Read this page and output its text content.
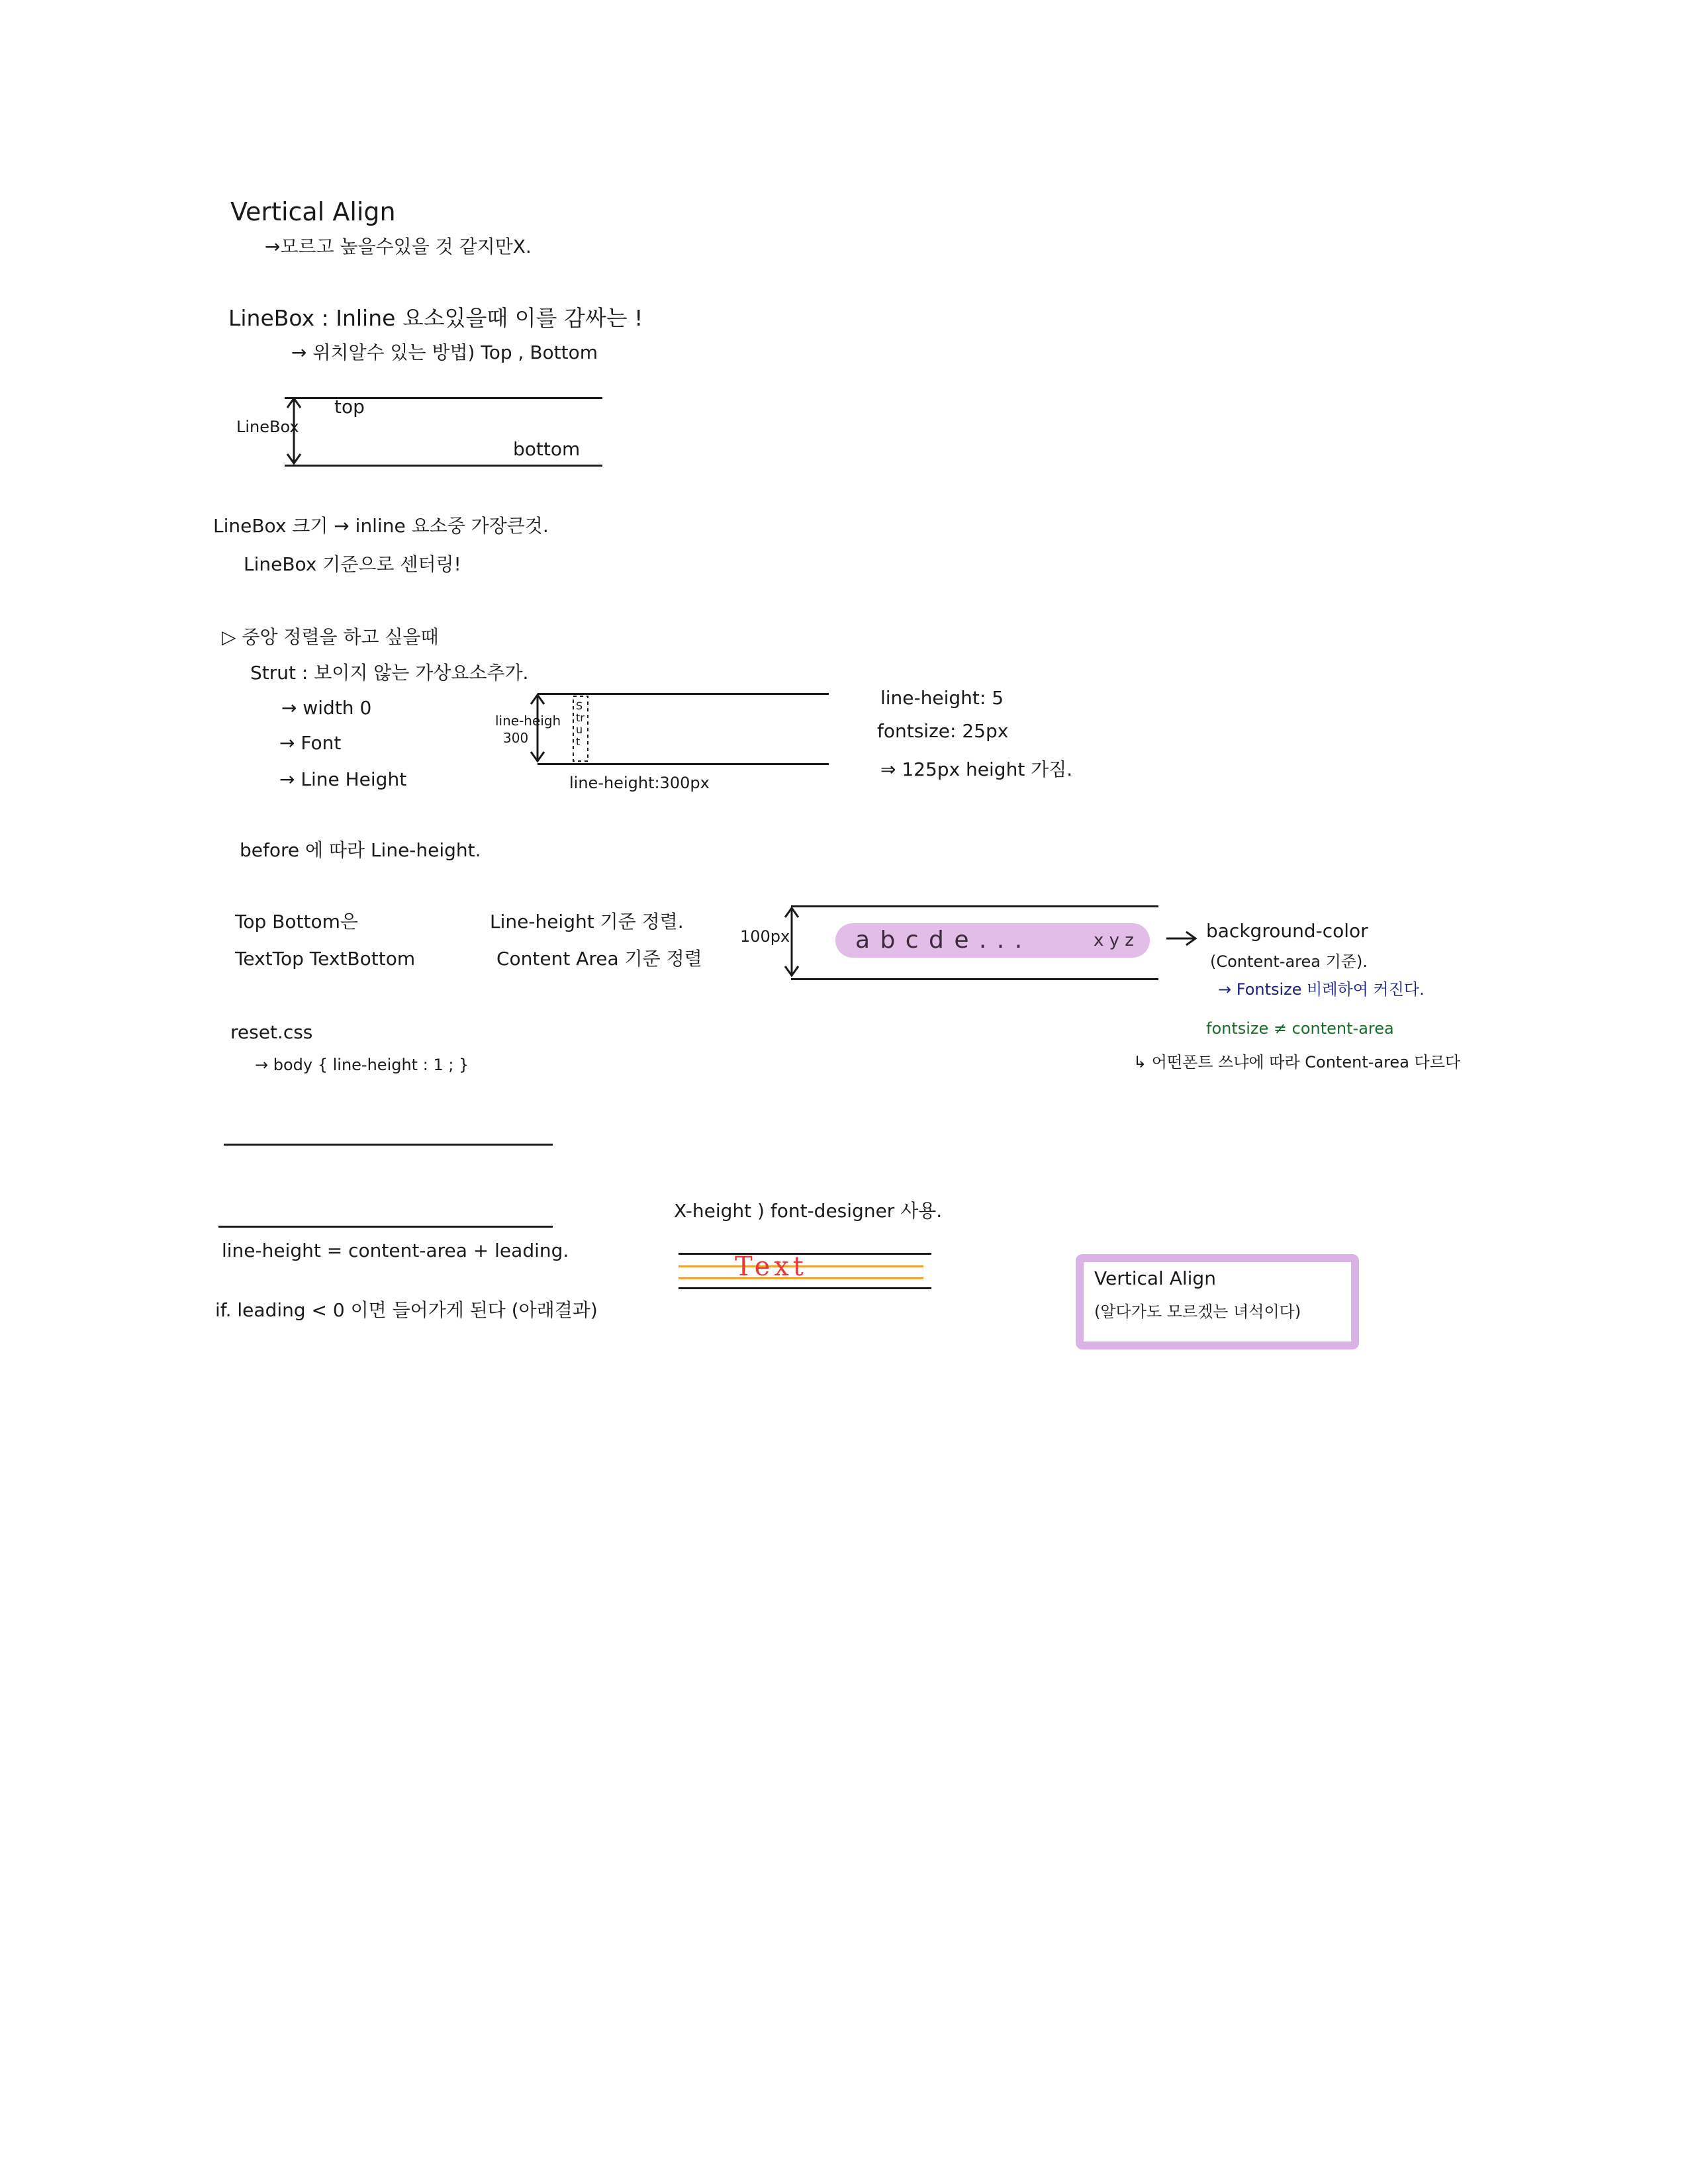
Vertical Align
→모르고 높을수있을 것 같지만X.
LineBox : Inline 요소있을때 이를 감싸는 !
→ 위치알수 있는 방법) Top , Bottom
LineBox
top
bottom
LineBox 크기 → inline 요소중 가장큰것.
LineBox 기준으로 센터링!
▷ 중앙 정렬을 하고 싶을때
Strut : 보이지 않는 가상요소추가.
→ width 0
→ Font
→ Line Height
line-heigh
300
Strut
line-height:300px
line-height: 5
fontsize: 25px
⇒ 125px height 가짐.
before 에 따라 Line-height.
Top Bottom은	Line-height 기준 정렬.
TextTop TextBottom	Content Area 기준 정렬
100px	a b c d e . . .	x y z	background-color
(Content-area 기준).
→ Fontsize 비례하여 커진다.
fontsize ≠ content-area
↳ 어떤폰트 쓰냐에 따라 Content-area 다르다
reset.css
→ body { line-height : 1 ; }
line-height = content-area + leading.
if. leading < 0 이면 들어가게 된다 (아래결과)
X-height ) font-designer 사용.
Text	Vertical Align
(알다가도 모르겠는 녀석이다)
